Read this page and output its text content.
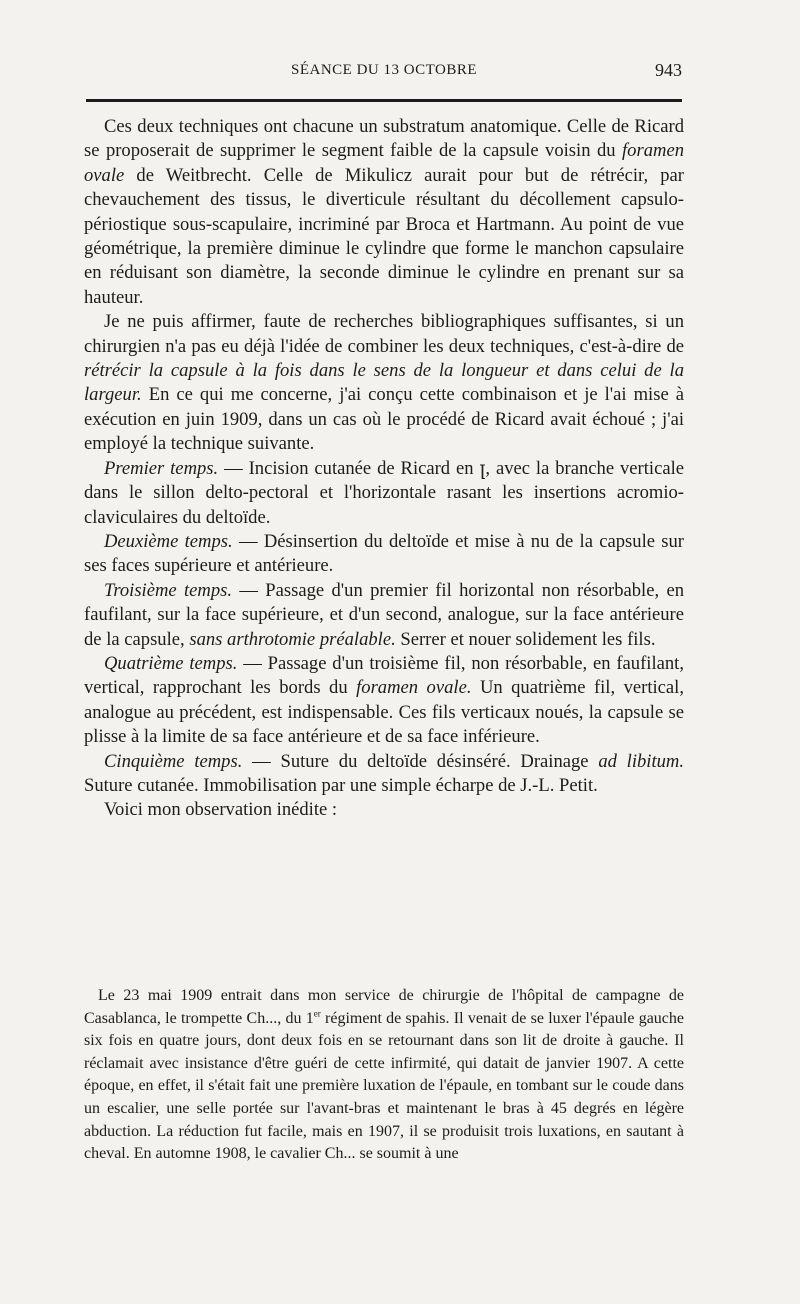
SÉANCE DU 13 OCTOBRE	943

Ces deux techniques ont chacune un substratum anatomique. Celle de Ricard se proposerait de supprimer le segment faible de la capsule voisin du foramen ovale de Weitbrecht. Celle de Mikulicz aurait pour but de rétrécir, par chevauchement des tissus, le diverticule résultant du décollement capsulo-périostique sous-scapulaire, incriminé par Broca et Hartmann. Au point de vue géométrique, la première diminue le cylindre que forme le manchon capsulaire en réduisant son diamètre, la seconde diminue le cylindre en prenant sur sa hauteur.

Je ne puis affirmer, faute de recherches bibliographiques suffisantes, si un chirurgien n'a pas eu déjà l'idée de combiner les deux techniques, c'est-à-dire de rétrécir la capsule à la fois dans le sens de la longueur et dans celui de la largeur. En ce qui me concerne, j'ai conçu cette combinaison et je l'ai mise à exécution en juin 1909, dans un cas où le procédé de Ricard avait échoué ; j'ai employé la technique suivante.

Premier temps. — Incision cutanée de Ricard en ꞁ, avec la branche verticale dans le sillon delto-pectoral et l'horizontale rasant les insertions acromio-claviculaires du deltoïde.

Deuxième temps. — Désinsertion du deltoïde et mise à nu de la capsule sur ses faces supérieure et antérieure.

Troisième temps. — Passage d'un premier fil horizontal non résorbable, en faufilant, sur la face supérieure, et d'un second, analogue, sur la face antérieure de la capsule, sans arthrotomie préalable. Serrer et nouer solidement les fils.

Quatrième temps. — Passage d'un troisième fil, non résorbable, en faufilant, vertical, rapprochant les bords du foramen ovale. Un quatrième fil, vertical, analogue au précédent, est indispensable. Ces fils verticaux noués, la capsule se plisse à la limite de sa face antérieure et de sa face inférieure.

Cinquième temps. — Suture du deltoïde désinséré. Drainage ad libitum. Suture cutanée. Immobilisation par une simple écharpe de J.-L. Petit.

Voici mon observation inédite :

Le 23 mai 1909 entrait dans mon service de chirurgie de l'hôpital de campagne de Casablanca, le trompette Ch..., du 1er régiment de spahis. Il venait de se luxer l'épaule gauche six fois en quatre jours, dont deux fois en se retournant dans son lit de droite à gauche. Il réclamait avec insistance d'être guéri de cette infirmité, qui datait de janvier 1907. A cette époque, en effet, il s'était fait une première luxation de l'épaule, en tombant sur le coude dans un escalier, une selle portée sur l'avant-bras et maintenant le bras à 45 degrés en légère abduction. La réduction fut facile, mais en 1907, il se produisit trois luxations, en sautant à cheval. En automne 1908, le cavalier Ch... se soumit à une
